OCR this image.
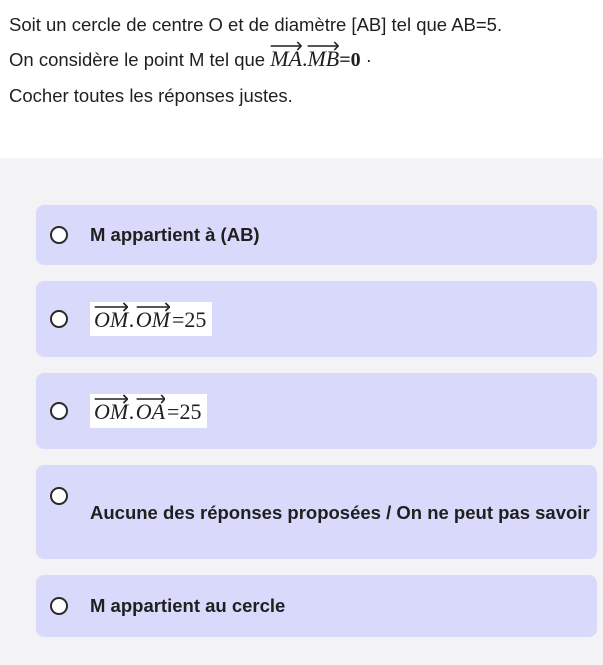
Soit un cercle de centre O et de diamètre [AB] tel que AB=5.
On considère le point M tel que MA.
MB=0 ·
Cocher toutes les réponses justes.
M appartient à (AB)
OM . OM =25
OM . OA =25
Aucune des réponses proposées / On ne peut pas savoir
M appartient au cercle
